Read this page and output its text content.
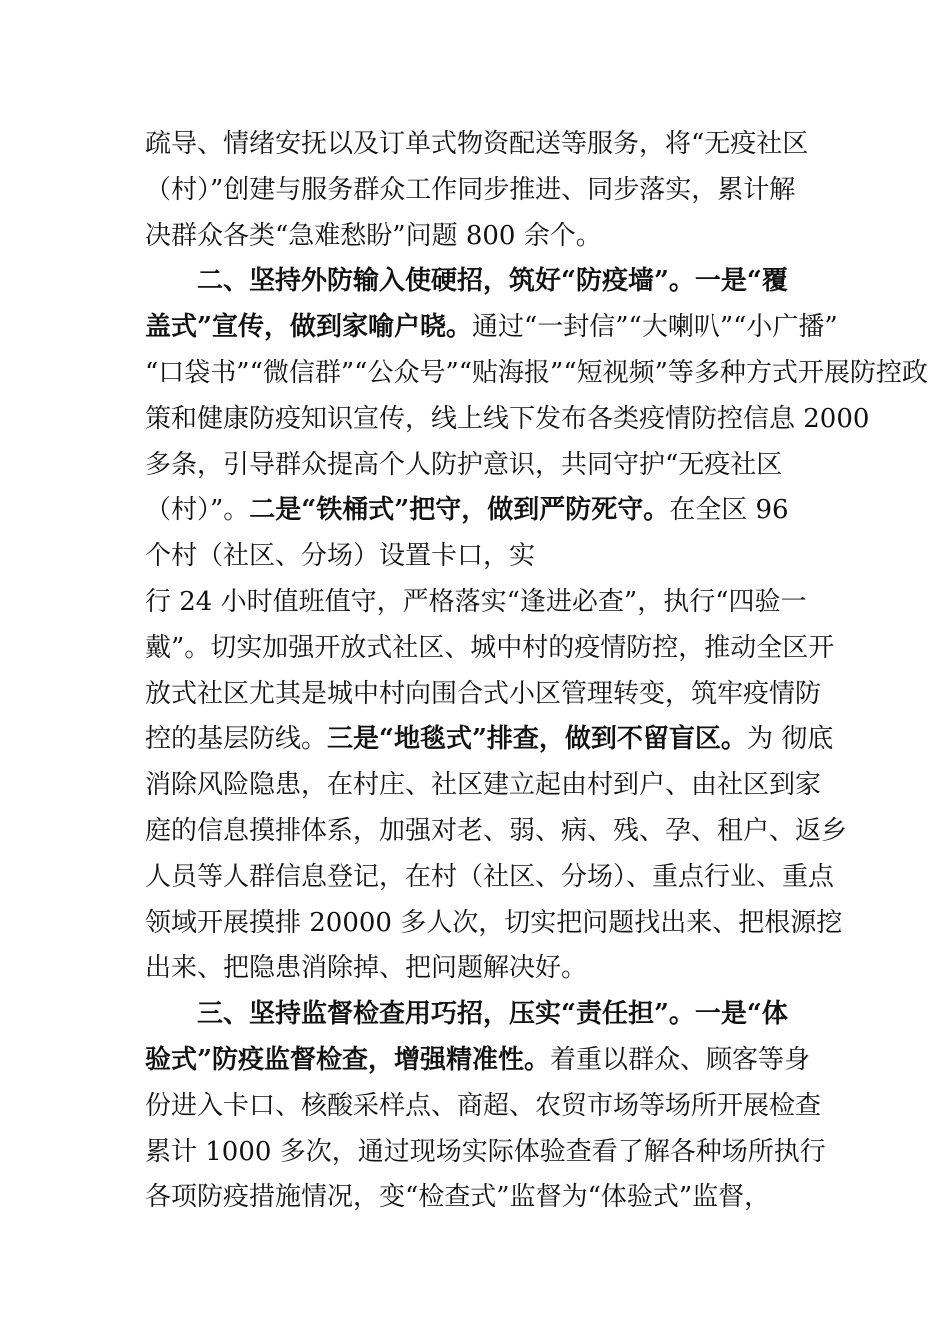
疏导、情绪安抚以及订单式物资配送等服务，将“无疫社区
（村）”创建与服务群众工作同步推进、同步落实，累计解
决群众各类“急难愁盼”问题 800 余个。
　　二、坚持外防输入使硬招，筑好“防疫墙”。一是“覆
盖式”宣传，做到家喻户晓。通过“一封信”“大喇叭”“小广播”
“口袋书”“微信群”“公众号”“贴海报”“短视频”等多种方式开展防控政
策和健康防疫知识宣传，线上线下发布各类疫情防控信息 2000
多条，引导群众提高个人防护意识，共同守护“无疫社区
（村）”。二是“铁桶式”把守，做到严防死守。在全区 96
个村（社区、分场）设置卡口，实
行 24 小时值班值守，严格落实“逢进必查”，执行“四验一
戴”。切实加强开放式社区、城中村的疫情防控，推动全区开
放式社区尤其是城中村向围合式小区管理转变，筑牢疫情防
控的基层防线。三是“地毯式”排查，做到不留盲区。为 彻底
消除风险隐患，在村庄、社区建立起由村到户、由社区到家
庭的信息摸排体系，加强对老、弱、病、残、孕、租户、返乡
人员等人群信息登记，在村（社区、分场）、重点行业、重点
领域开展摸排 20000 多人次，切实把问题找出来、把根源挖
出来、把隐患消除掉、把问题解决好。
　　三、坚持监督检查用巧招，压实“责任担”。一是“体
验式”防疫监督检查，增强精准性。着重以群众、顾客等身
份进入卡口、核酸采样点、商超、农贸市场等场所开展检查
累计 1000 多次，通过现场实际体验查看了解各种场所执行
各项防疫措施情况，变“检查式”监督为“体验式”监督，
